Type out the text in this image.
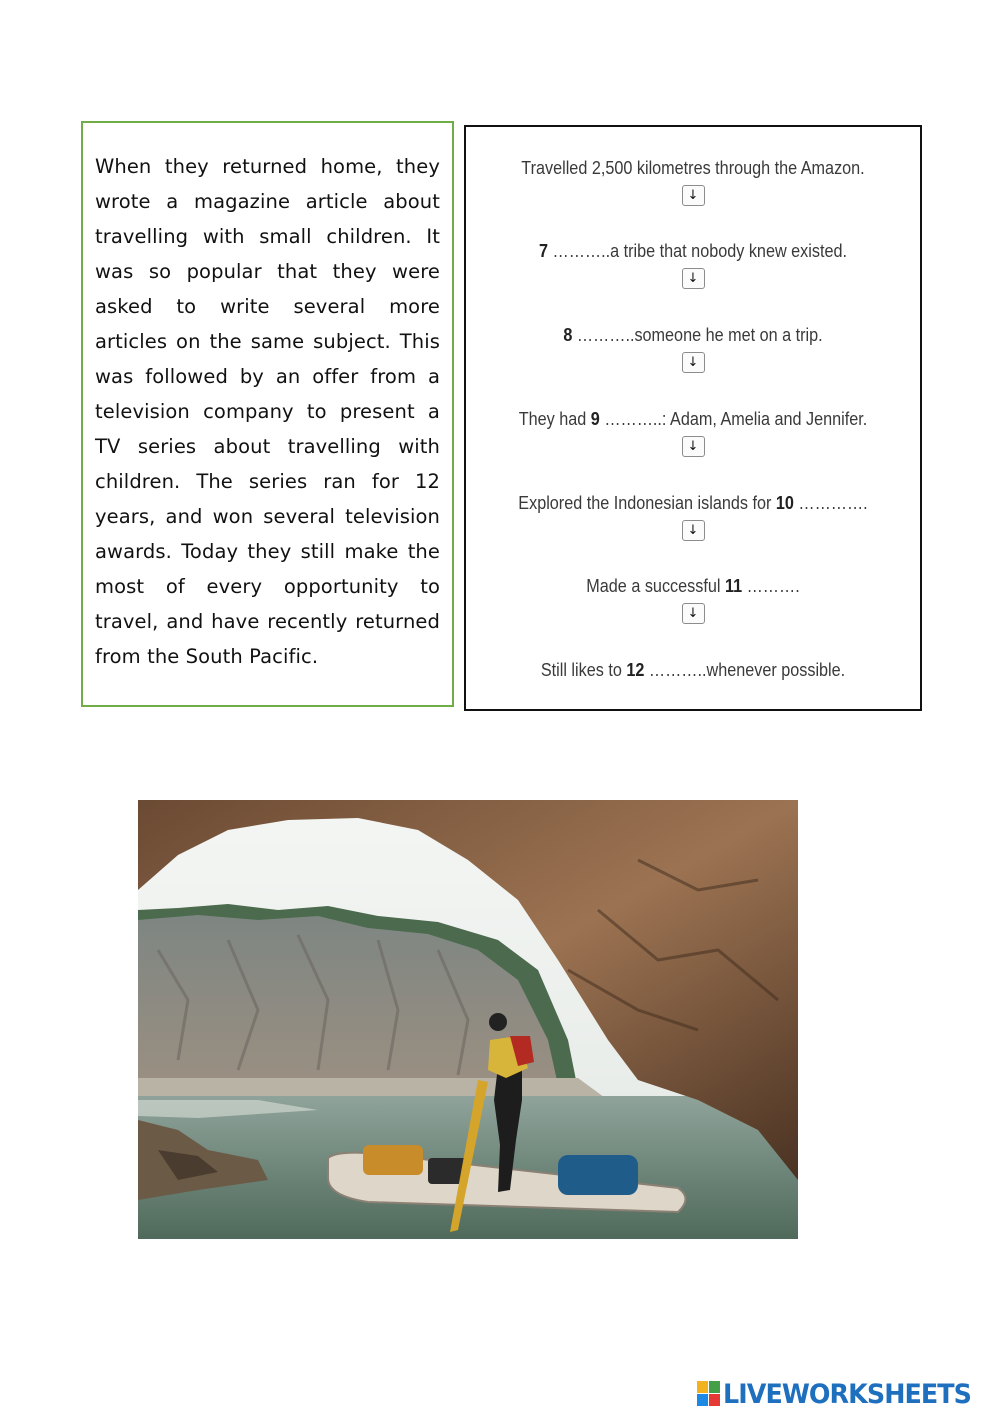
When they returned home, they wrote a magazine article about travelling with small children. It was so popular that they were asked to write several more articles on the same subject. This was followed by an offer from a television company to present a TV series about travelling with children. The series ran for 12 years, and won several television awards. Today they still make the most of every opportunity to travel, and have recently returned from the South Pacific.

Travelled 2,500 kilometres through the Amazon.
↓
7 ………..a tribe that nobody knew existed.
↓
8 ………..someone he met on a trip.
↓
They had 9 ………..: Adam, Amelia and Jennifer.
↓
Explored the Indonesian islands for 10 ………….
↓
Made a successful 11 ……….
↓
Still likes to 12 ………..whenever possible.
LIVEWORKSHEETS
